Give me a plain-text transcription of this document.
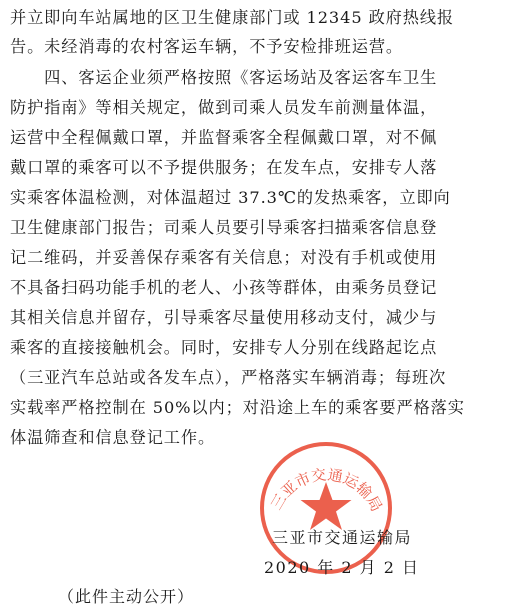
并立即向车站属地的区卫生健康部门或 12345 政府热线报
告。未经消毒的农村客运车辆，不予安检排班运营。
　　四、客运企业须严格按照《客运场站及客运客车卫生
防护指南》等相关规定，做到司乘人员发车前测量体温，
运营中全程佩戴口罩，并监督乘客全程佩戴口罩，对不佩
戴口罩的乘客可以不予提供服务；在发车点，安排专人落
实乘客体温检测，对体温超过 37.3℃的发热乘客，立即向
卫生健康部门报告；司乘人员要引导乘客扫描乘客信息登
记二维码，并妥善保存乘客有关信息；对没有手机或使用
不具备扫码功能手机的老人、小孩等群体，由乘务员登记
其相关信息并留存，引导乘客尽量使用移动支付，减少与
乘客的直接接触机会。同时，安排专人分别在线路起讫点
（三亚汽车总站或各发车点），严格落实车辆消毒；每班次
实载率严格控制在 50%以内；对沿途上车的乘客要严格落实
体温筛查和信息登记工作。
三亚市交通运输局
三亚市交通运输局
2020 年 2 月 2 日
（此件主动公开）
